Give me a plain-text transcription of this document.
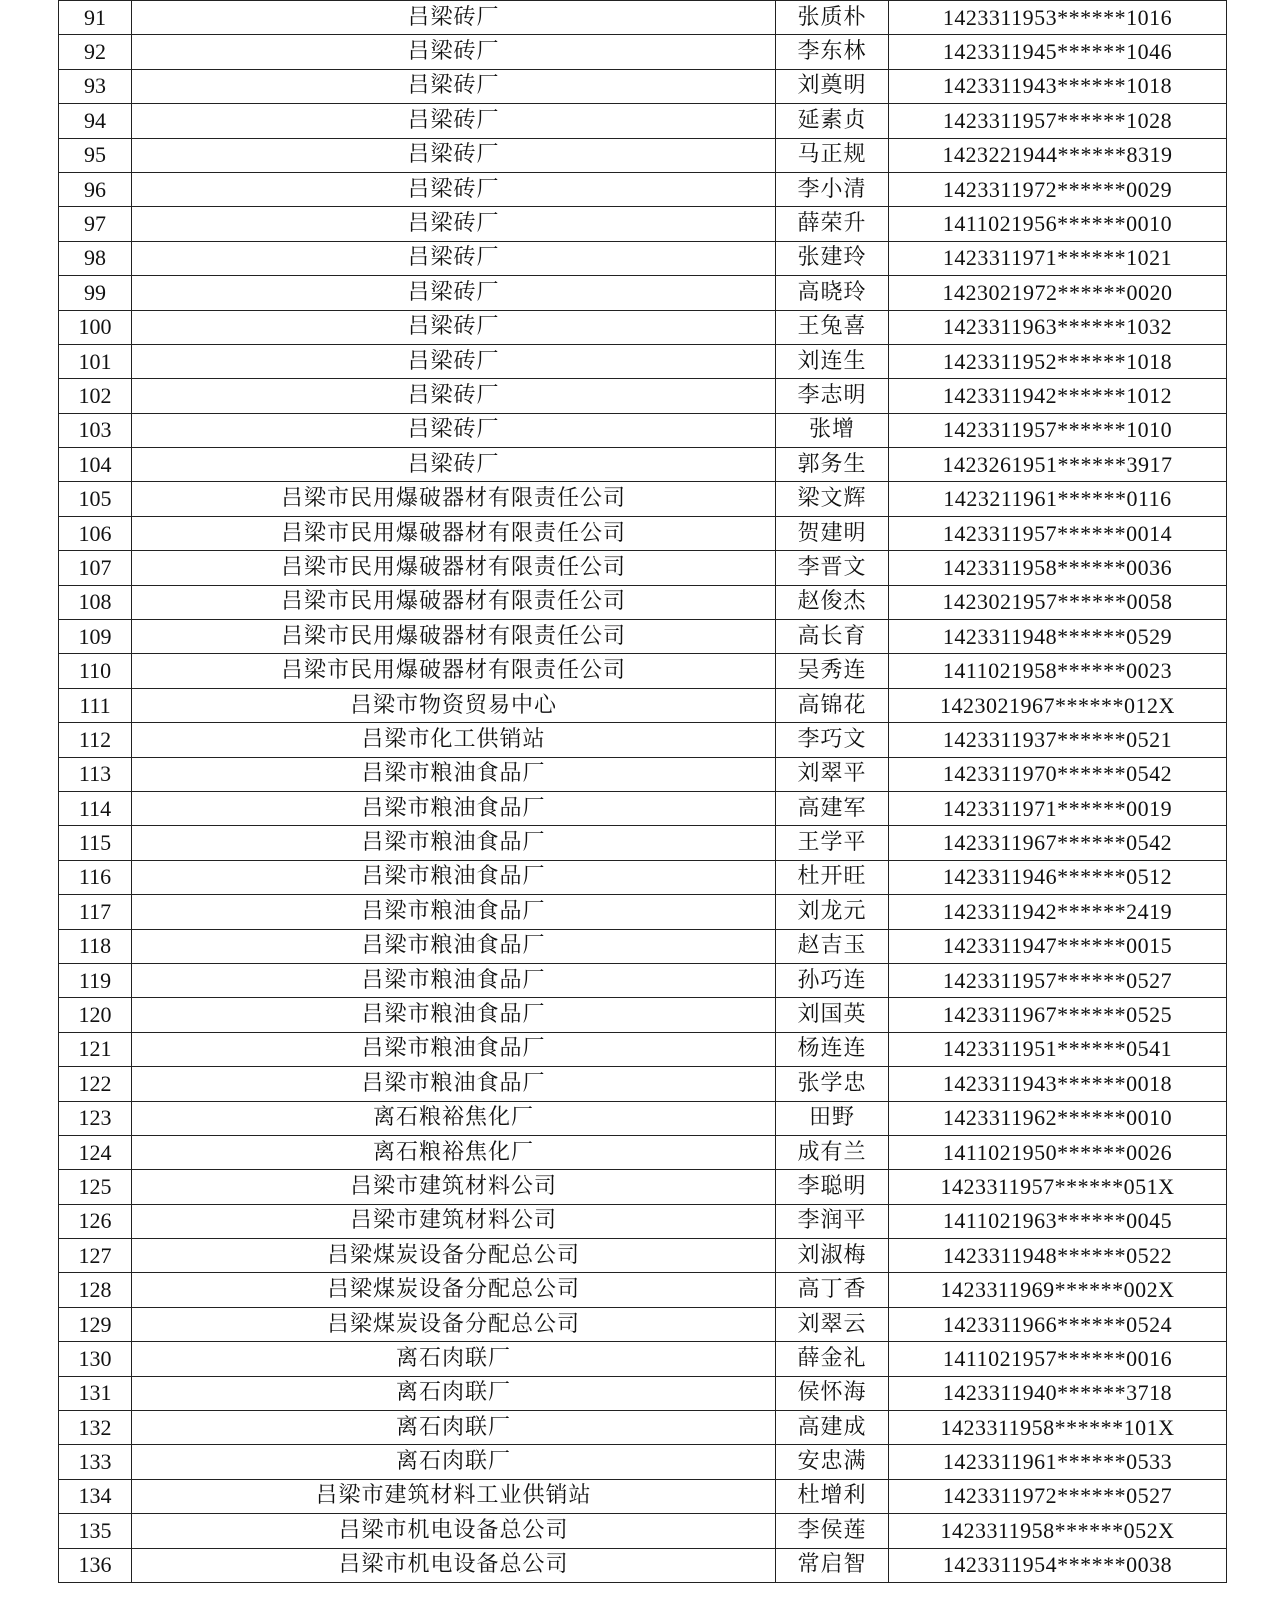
91	吕梁砖厂	张质朴	1423311953******1016
92	吕梁砖厂	李东林	1423311945******1046
93	吕梁砖厂	刘奠明	1423311943******1018
94	吕梁砖厂	延素贞	1423311957******1028
95	吕梁砖厂	马正规	1423221944******8319
96	吕梁砖厂	李小清	1423311972******0029
97	吕梁砖厂	薛荣升	1411021956******0010
98	吕梁砖厂	张建玲	1423311971******1021
99	吕梁砖厂	高晓玲	1423021972******0020
100	吕梁砖厂	王兔喜	1423311963******1032
101	吕梁砖厂	刘连生	1423311952******1018
102	吕梁砖厂	李志明	1423311942******1012
103	吕梁砖厂	张增	1423311957******1010
104	吕梁砖厂	郭务生	1423261951******3917
105	吕梁市民用爆破器材有限责任公司	梁文辉	1423211961******0116
106	吕梁市民用爆破器材有限责任公司	贺建明	1423311957******0014
107	吕梁市民用爆破器材有限责任公司	李晋文	1423311958******0036
108	吕梁市民用爆破器材有限责任公司	赵俊杰	1423021957******0058
109	吕梁市民用爆破器材有限责任公司	高长育	1423311948******0529
110	吕梁市民用爆破器材有限责任公司	吴秀连	1411021958******0023
111	吕梁市物资贸易中心	高锦花	1423021967******012X
112	吕梁市化工供销站	李巧文	1423311937******0521
113	吕梁市粮油食品厂	刘翠平	1423311970******0542
114	吕梁市粮油食品厂	高建军	1423311971******0019
115	吕梁市粮油食品厂	王学平	1423311967******0542
116	吕梁市粮油食品厂	杜开旺	1423311946******0512
117	吕梁市粮油食品厂	刘龙元	1423311942******2419
118	吕梁市粮油食品厂	赵吉玉	1423311947******0015
119	吕梁市粮油食品厂	孙巧连	1423311957******0527
120	吕梁市粮油食品厂	刘国英	1423311967******0525
121	吕梁市粮油食品厂	杨连连	1423311951******0541
122	吕梁市粮油食品厂	张学忠	1423311943******0018
123	离石粮裕焦化厂	田野	1423311962******0010
124	离石粮裕焦化厂	成有兰	1411021950******0026
125	吕梁市建筑材料公司	李聪明	1423311957******051X
126	吕梁市建筑材料公司	李润平	1411021963******0045
127	吕梁煤炭设备分配总公司	刘淑梅	1423311948******0522
128	吕梁煤炭设备分配总公司	高丁香	1423311969******002X
129	吕梁煤炭设备分配总公司	刘翠云	1423311966******0524
130	离石肉联厂	薛金礼	1411021957******0016
131	离石肉联厂	侯怀海	1423311940******3718
132	离石肉联厂	高建成	1423311958******101X
133	离石肉联厂	安忠满	1423311961******0533
134	吕梁市建筑材料工业供销站	杜增利	1423311972******0527
135	吕梁市机电设备总公司	李侯莲	1423311958******052X
136	吕梁市机电设备总公司	常启智	1423311954******0038
